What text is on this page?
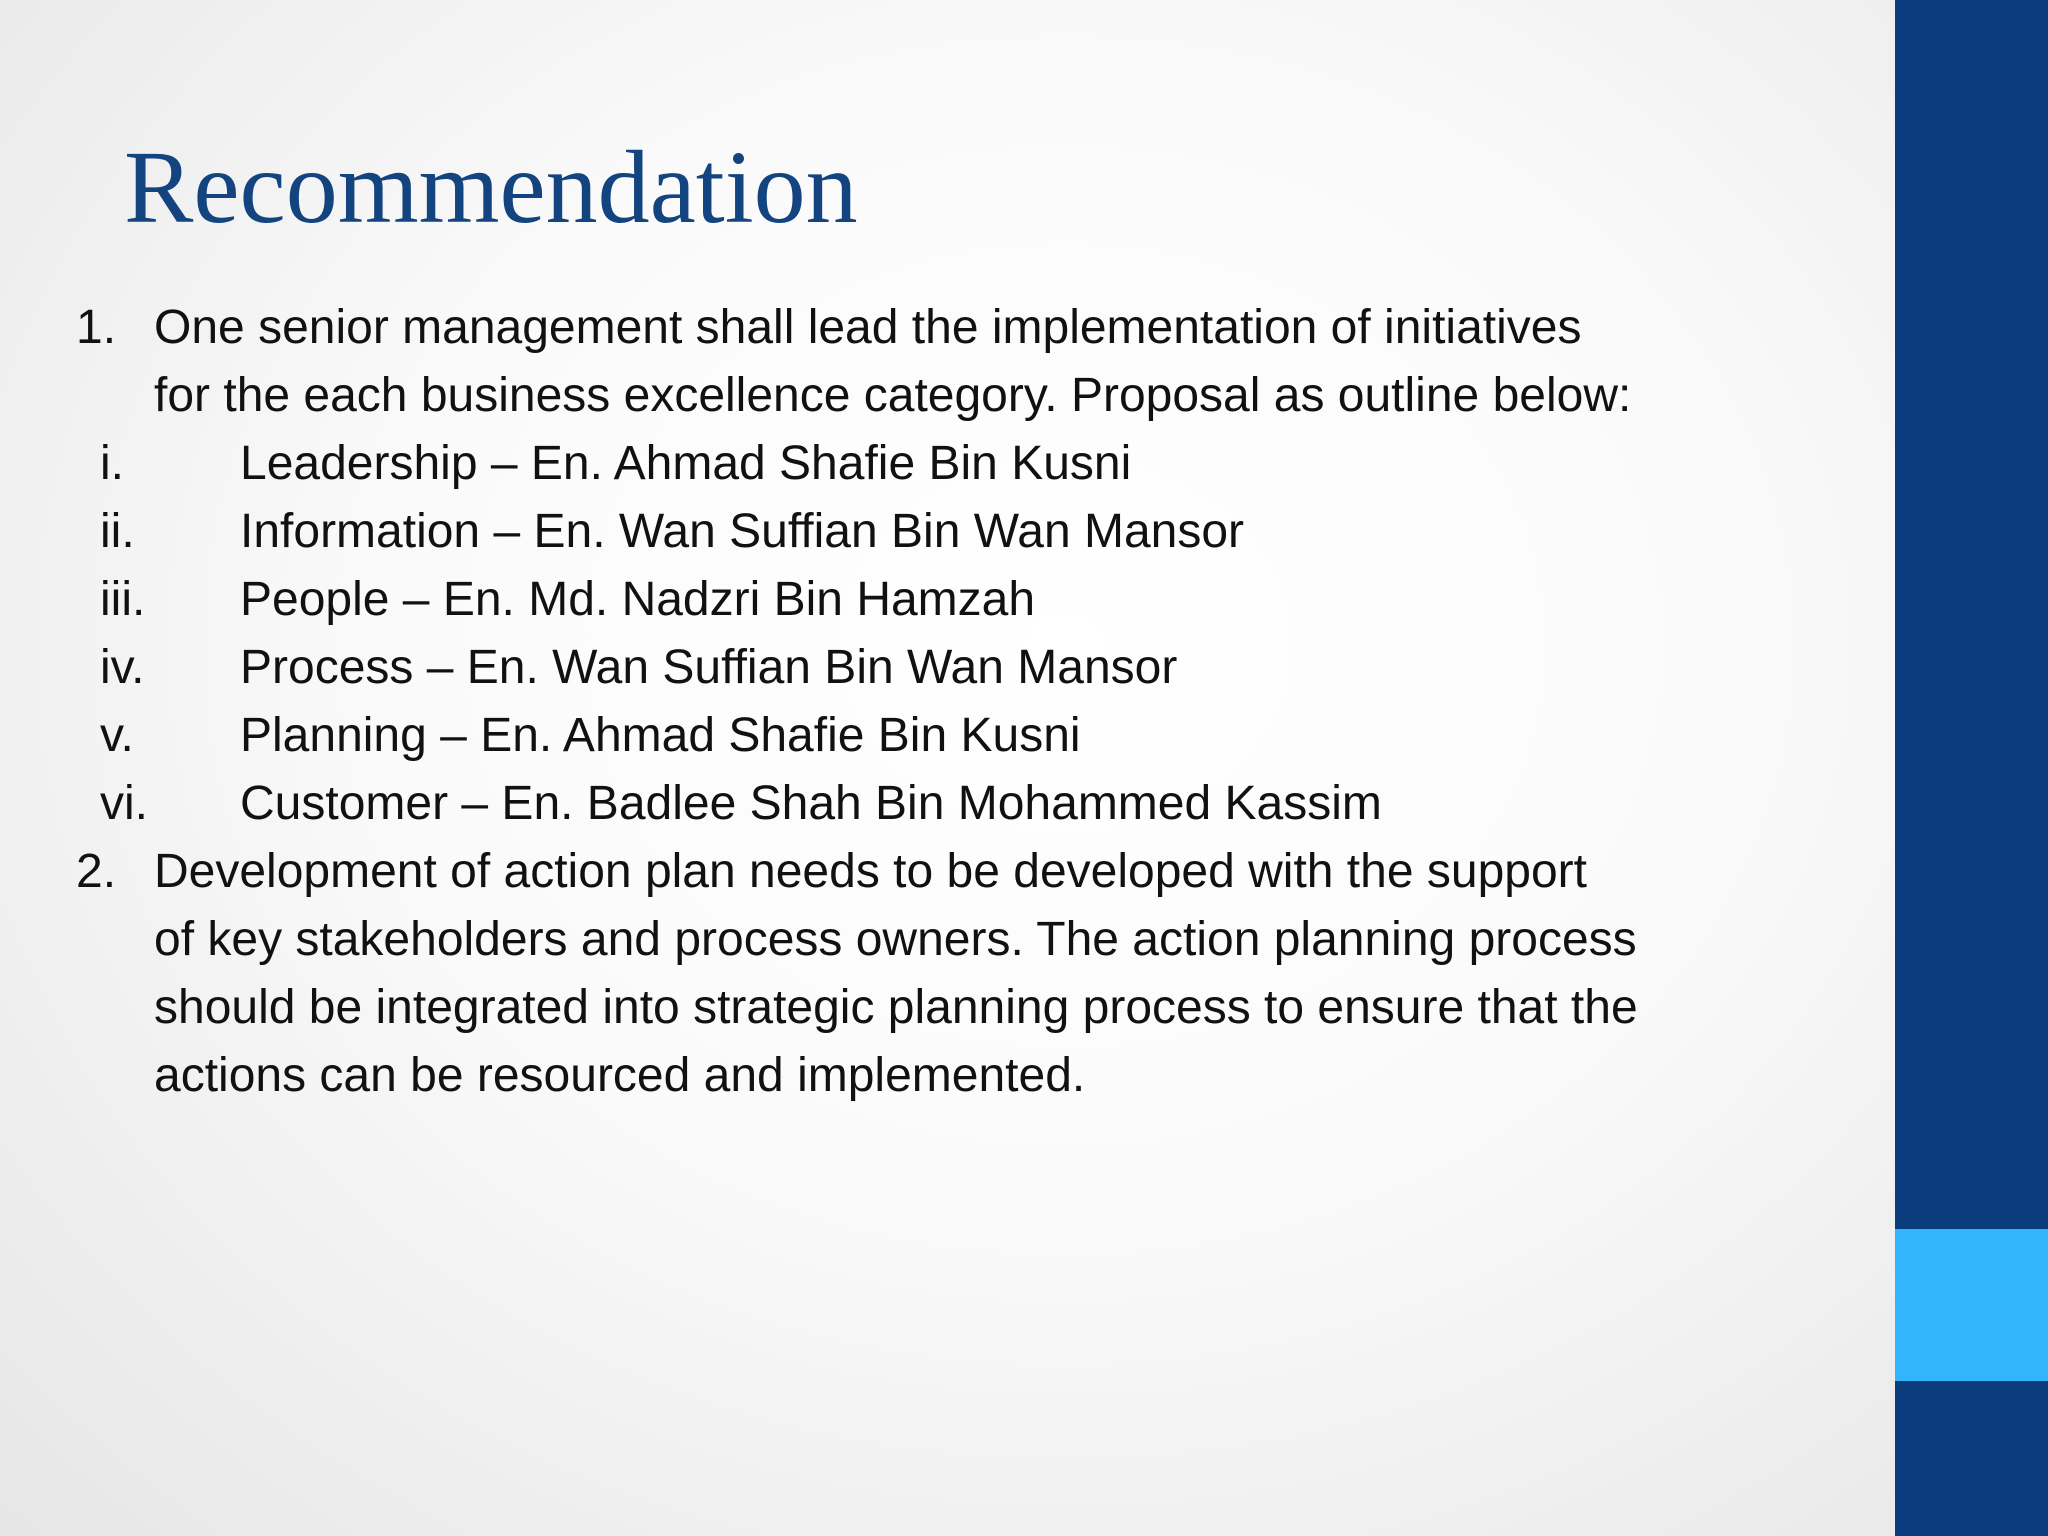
Recommendation
1. One senior management shall lead the implementation of initiatives
for the each business excellence category. Proposal as outline below:
i. Leadership – En. Ahmad Shafie Bin Kusni
ii. Information – En. Wan Suffian Bin Wan Mansor
iii. People – En. Md. Nadzri Bin Hamzah
iv. Process – En. Wan Suffian Bin Wan Mansor
v. Planning – En. Ahmad Shafie Bin Kusni
vi. Customer – En. Badlee Shah Bin Mohammed Kassim
2. Development of action plan needs to be developed with the support
of key stakeholders and process owners. The action planning process
should be integrated into strategic planning process to ensure that the
actions can be resourced and implemented.
